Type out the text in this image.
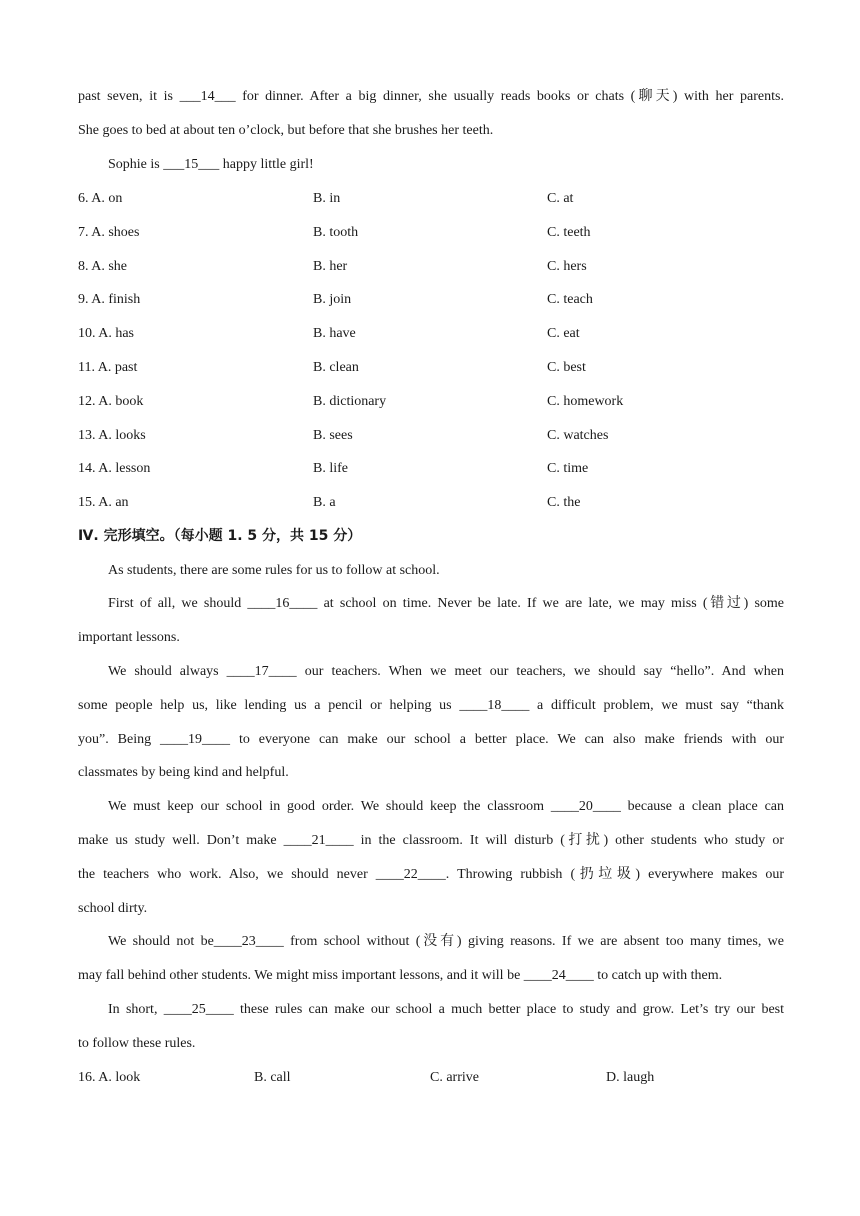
past seven, it is ___14___ for dinner. After a big dinner, she usually reads books or chats (聊天) with her parents.
She goes to bed at about ten o’clock, but before that she brushes her teeth.
Sophie is ___15___ happy little girl!
6. A. on	B. in	C. at
7. A. shoes	B. tooth	C. teeth
8. A. she	B. her	C. hers
9. A. finish	B. join	C. teach
10. A. has	B. have	C. eat
11. A. past	B. clean	C. best
12. A. book	B. dictionary	C. homework
13. A. looks	B. sees	C. watches
14. A. lesson	B. life	C. time
15. A. an	B. a	C. the
Ⅳ. 完形填空。（每小题 1. 5 分，共 15 分）
As students, there are some rules for us to follow at school.
First of all, we should ____16____ at school on time. Never be late. If we are late, we may miss (错过) some
important lessons.
We should always ____17____ our teachers. When we meet our teachers, we should say “hello”. And when
some people help us, like lending us a pencil or helping us ____18____ a difficult problem, we must say “thank
you”. Being ____19____ to everyone can make our school a better place. We can also make friends with our
classmates by being kind and helpful.
We must keep our school in good order. We should keep the classroom ____20____ because a clean place can
make us study well. Don’t make ____21____ in the classroom. It will disturb (打扰) other students who study or
the teachers who work. Also, we should never ____22____. Throwing rubbish (扔垃圾) everywhere makes our
school dirty.
We should not be____23____ from school without (没有) giving reasons. If we are absent too many times, we
may fall behind other students. We might miss important lessons, and it will be ____24____ to catch up with them.
In short, ____25____ these rules can make our school a much better place to study and grow. Let’s try our best
to follow these rules.
16. A. look	B. call	C. arrive	D. laugh
